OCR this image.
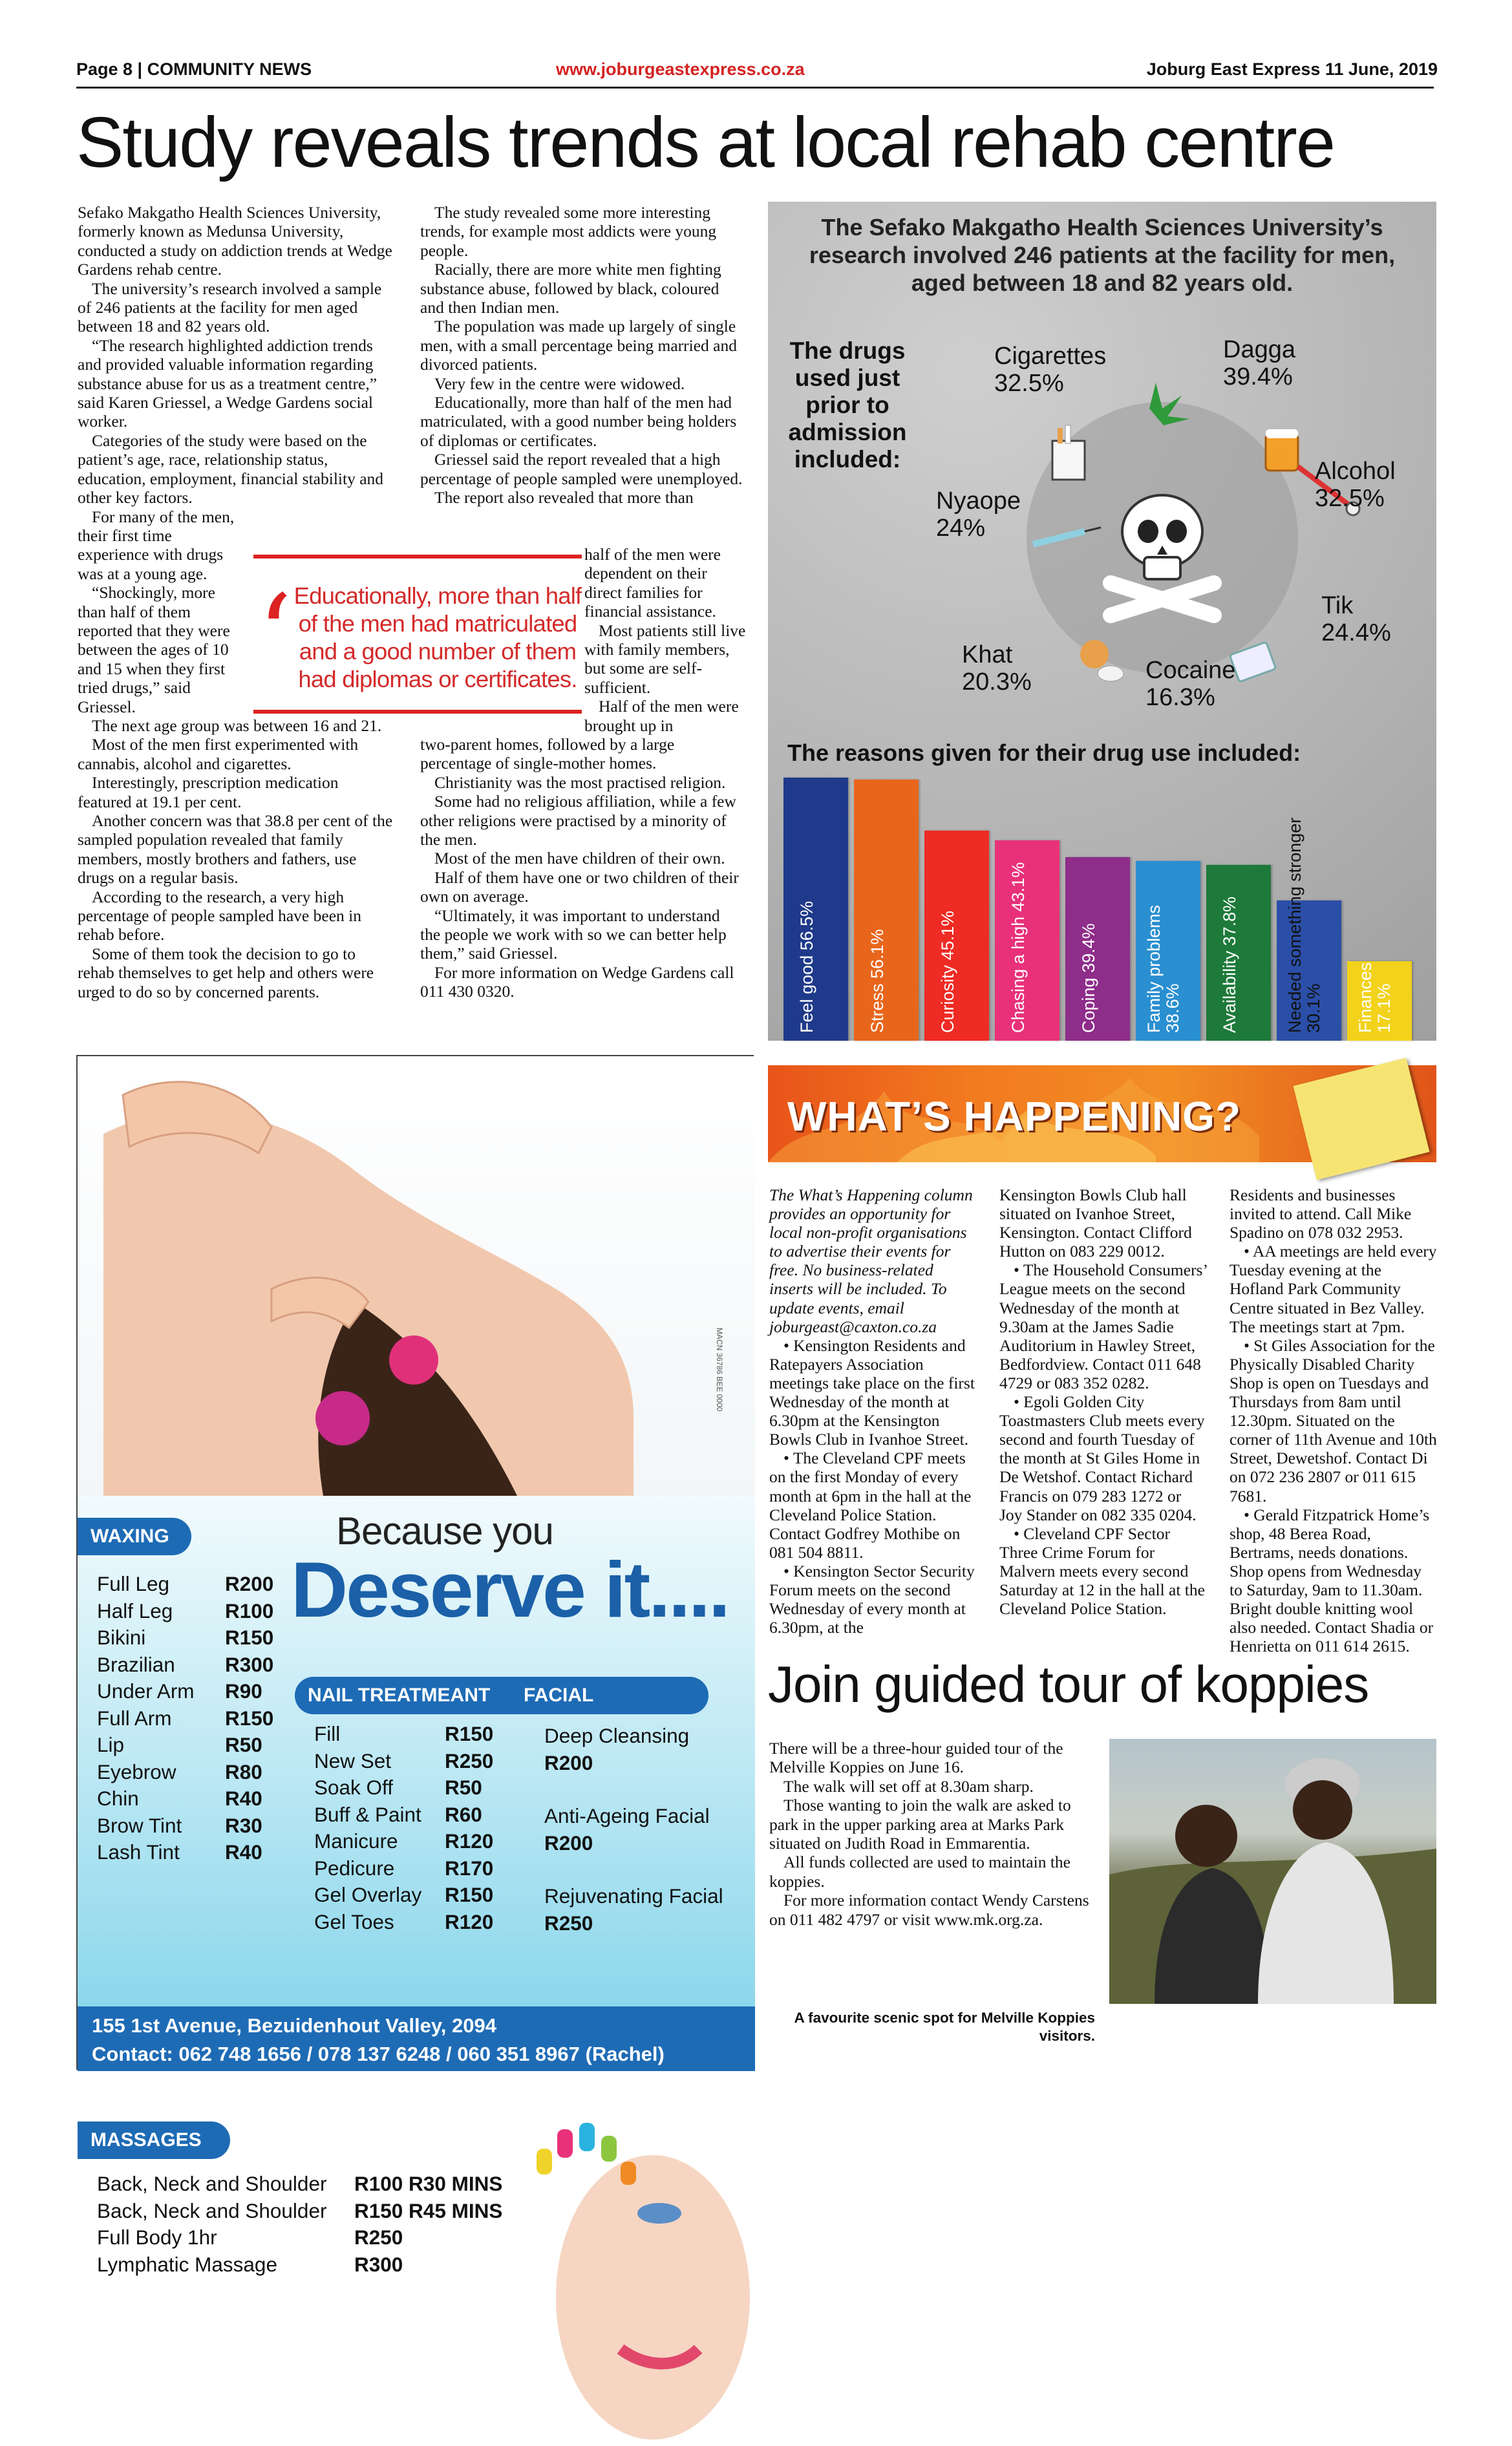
Page 8 | COMMUNITY NEWS	www.joburgeastexpress.co.za	Joburg East Express 11 June, 2019
Study reveals trends at local rehab centre

Sefako Makgatho Health Sciences University, formerly known as Medunsa University, conducted a study on addiction trends at Wedge Gardens rehab centre.

The university’s research involved a sample of 246 patients at the facility for men aged between 18 and 82 years old.

“The research highlighted addiction trends and provided valuable information regarding substance abuse for us as a treatment centre,” said Karen Griessel, a Wedge Gardens social worker.

Categories of the study were based on the patient’s age, race, relationship status, education, employment, financial stability and other key factors.

For many of the men, their first time experience with drugs was at a young age.

“Shockingly, more than half of them reported that they were between the ages of 10 and 15 when they first tried drugs,” said Griessel.

The next age group was between 16 and 21.

Most of the men first experimented with cannabis, alcohol and cigarettes.

Interestingly, prescription medication featured at 19.1 per cent.

Another concern was that 38.8 per cent of the sampled population revealed that family members, mostly brothers and fathers, use drugs on a regular basis.

According to the research, a very high percentage of people sampled have been in rehab before.

Some of them took the decision to go to rehab themselves to get help and others were urged to do so by concerned parents.

The study revealed some more interesting trends, for example most addicts were young people.

Racially, there are more white men fighting substance abuse, followed by black, coloured and then Indian men.

The population was made up largely of single men, with a small percentage being married and divorced patients.

Very few in the centre were widowed.

Educationally, more than half of the men had matriculated, with a good number being holders of diplomas or certificates.

Griessel said the report revealed that a high percentage of people sampled were unemployed.

The report also revealed that more than

half of the men were dependent on their direct families for financial assistance.

Most patients still live with family members, but some are self-sufficient.

Half of the men were brought up in

two-parent homes, followed by a large percentage of single-mother homes.

Christianity was the most practised religion.

Some had no religious affiliation, while a few other religions were practised by a minority of the men.

Most of the men have children of their own.

Half of them have one or two children of their own on average.

“Ultimately, it was important to understand the people we work with so we can better help them,” said Griessel.

For more information on Wedge Gardens call 011 430 0320.

‘ Educationally, more than half of the men had matriculated and a good number of them had diplomas or certificates.
The Sefako Makgatho Health Sciences University’s research involved 246 patients at the facility for men, aged between 18 and 82 years old.
The drugs used just prior to admission included:
Cigarettes
32.5%
Dagga
39.4%
Alcohol
32.5%
Nyaope
24%
Tik
24.4%
Khat
20.3%	Cocaine
16.3%
The reasons given for their drug use included:
Feel good 56.5%
Stress 56.1%
Curiosity 45.1%	Chasing a high 43.1%
Coping 39.4%	Family problems 38.6% Availability 37.8%	Needed something stronger 30.1% Finances 17.1%
MACN 36786 BEE 0000
Because you
Deserve it....
WAXING
NAIL TREATMEANT FACIAL
MASSAGES
Full Leg	R200
Half Leg	R100
Bikini	R150
Brazilian R300
Under Arm R90
Full Arm	R150
Lip	R50
Eyebrow R80
Chin	R40
Brow Tint R30
Lash Tint R40
Fill	R150
New Set	R250
Soak Off	R50
Buff & Paint R60
Manicure R120
Pedicure R170
Gel Overlay R150
Gel Toes R120
Deep Cleansing
R200
Anti-Ageing Facial
R200
Rejuvenating Facial
R250
Back, Neck and Shoulder R100 R30 MINS
Back, Neck and Shoulder R150 R45 MINS
Full Body 1hr	R250
Lymphatic Massage	R300
155 1st Avenue, Bezuidenhout Valley, 2094
Contact: 062 748 1656 / 078 137 6248 / 060 351 8967 (Rachel)
WHAT’S HAPPENING?

The What’s Happening column provides an opportunity for local non-profit organisations to advertise their events for free. No business-related inserts will be included. To update events, email joburgeast@caxton.co.za

• Kensington Residents and Ratepayers Association meetings take place on the first Wednesday of the month at 6.30pm at the Kensington Bowls Club in Ivanhoe Street.

• The Cleveland CPF meets on the first Monday of every month at 6pm in the hall at the Cleveland Police Station. Contact Godfrey Mothibe on 081 504 8811.

• Kensington Sector Security Forum meets on the second Wednesday of every month at 6.30pm, at the

Kensington Bowls Club hall situated on Ivanhoe Street, Kensington. Contact Clifford Hutton on 083 229 0012.

• The Household Consumers’ League meets on the second Wednesday of the month at 9.30am at the James Sadie Auditorium in Hawley Street, Bedfordview. Contact 011 648 4729 or 083 352 0282.

• Egoli Golden City Toastmasters Club meets every second and fourth Tuesday of the month at St Giles Home in De Wetshof. Contact Richard Francis on 079 283 1272 or Joy Stander on 082 335 0204.

• Cleveland CPF Sector Three Crime Forum for Malvern meets every second Saturday at 12 in the hall at the Cleveland Police Station.

Residents and businesses invited to attend. Call Mike Spadino on 078 032 2953.

• AA meetings are held every Tuesday evening at the Hofland Park Community Centre situated in Bez Valley. The meetings start at 7pm.

• St Giles Association for the Physically Disabled Charity Shop is open on Tuesdays and Thursdays from 8am until 12.30pm. Situated on the corner of 11th Avenue and 10th Street, Dewetshof. Contact Di on 072 236 2807 or 011 615 7681.

• Gerald Fitzpatrick Home’s shop, 48 Berea Road, Bertrams, needs donations. Shop opens from Wednesday to Saturday, 9am to 11.30am. Bright double knitting wool also needed. Contact Shadia or Henrietta on 011 614 2615.

Join guided tour of koppies

There will be a three-hour guided tour of the Melville Koppies on June 16.

The walk will set off at 8.30am sharp.

Those wanting to join the walk are asked to park in the upper parking area at Marks Park situated on Judith Road in Emmarentia.

All funds collected are used to maintain the koppies.

For more information contact Wendy Carstens on 011 482 4797 or visit www.mk.org.za.

A favourite scenic spot for Melville Koppies visitors.
